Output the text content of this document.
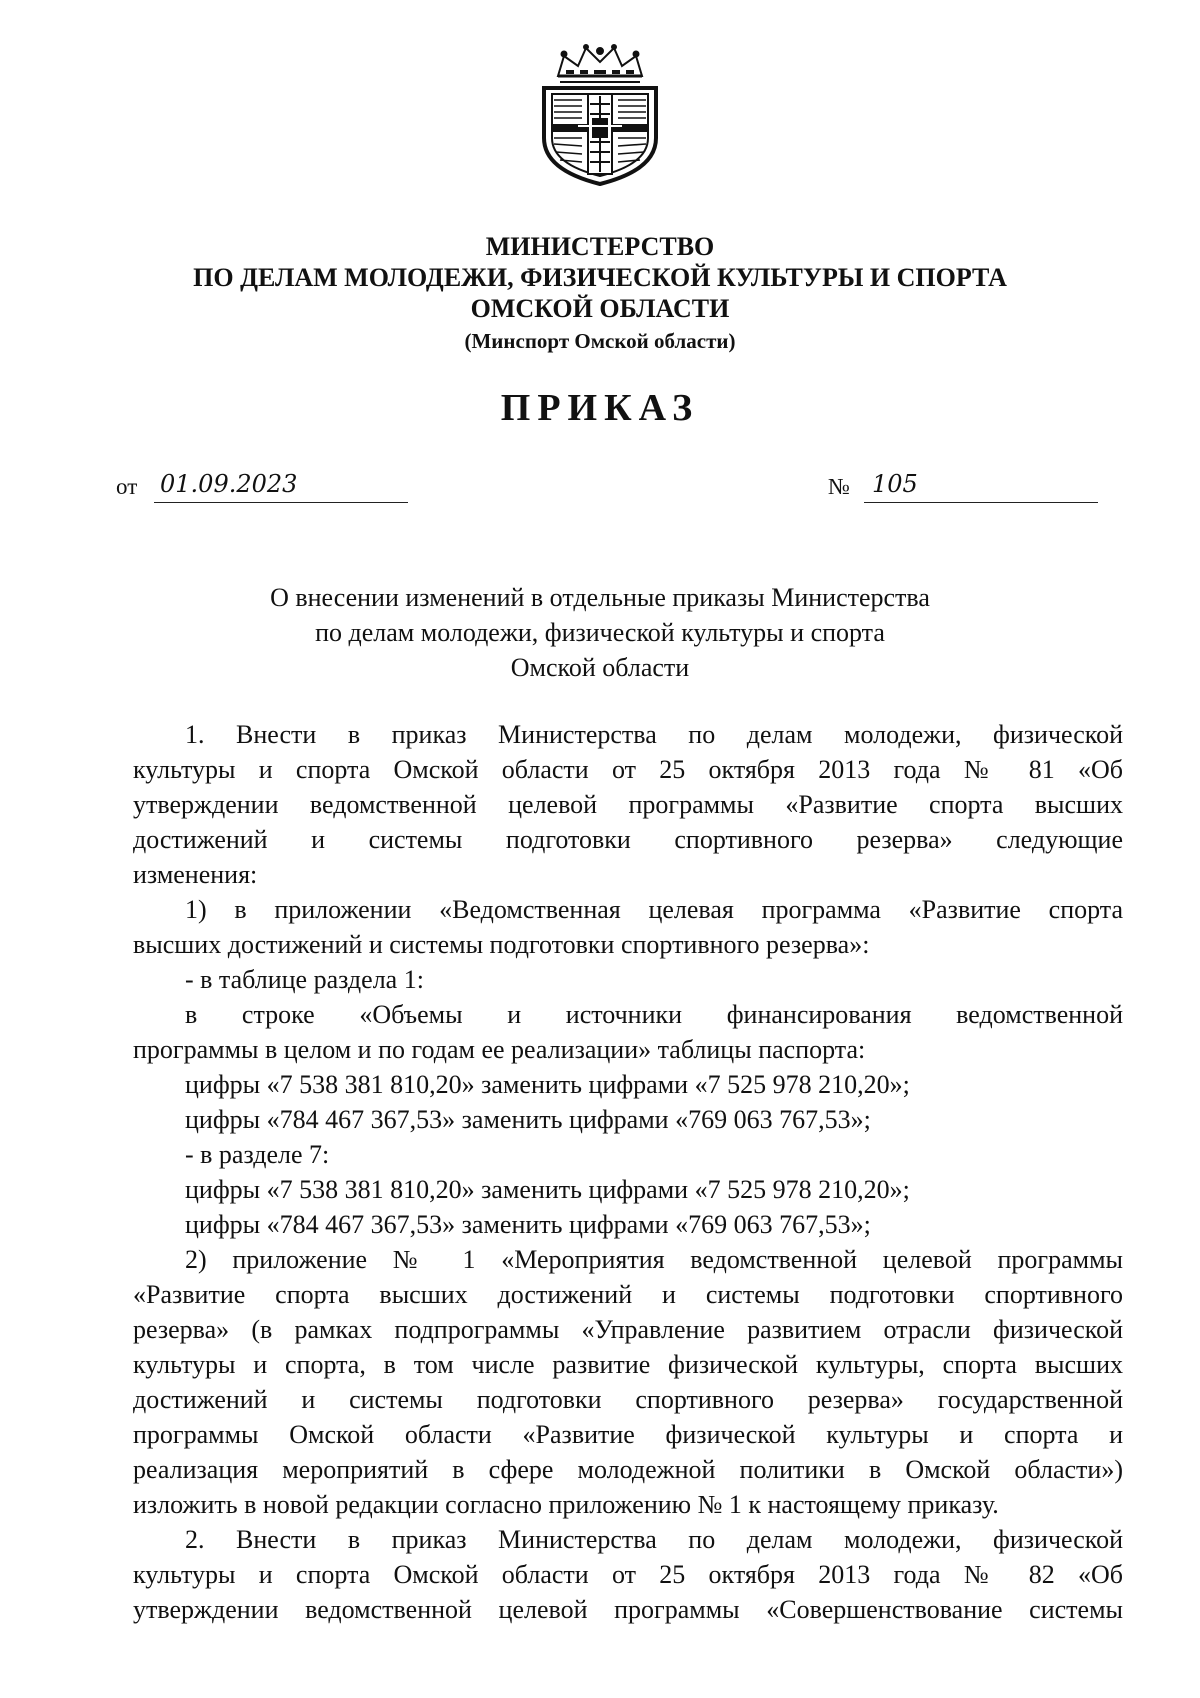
МИНИСТЕРСТВО
ПО ДЕЛАМ МОЛОДЕЖИ, ФИЗИЧЕСКОЙ КУЛЬТУРЫ И СПОРТА
ОМСКОЙ ОБЛАСТИ
(Минспорт Омской области)
ПРИКАЗ
от 01.09.2023	№ 105
О внесении изменений в отдельные приказы Министерства
по делам молодежи, физической культуры и спорта
Омской области
1. Внести в приказ Министерства по делам молодежи, физической
культуры и спорта Омской области от 25 октября 2013 года № 81 «Об
утверждении ведомственной целевой программы «Развитие спорта высших
достижений и системы подготовки спортивного резерва» следующие
изменения:
1) в приложении «Ведомственная целевая программа «Развитие спорта
высших достижений и системы подготовки спортивного резерва»:
- в таблице раздела 1:
в строке «Объемы и источники финансирования ведомственной
программы в целом и по годам ее реализации» таблицы паспорта:
цифры «7 538 381 810,20» заменить цифрами «7 525 978 210,20»;
цифры «784 467 367,53» заменить цифрами «769 063 767,53»;
- в разделе 7:
цифры «7 538 381 810,20» заменить цифрами «7 525 978 210,20»;
цифры «784 467 367,53» заменить цифрами «769 063 767,53»;
2) приложение № 1 «Мероприятия ведомственной целевой программы
«Развитие спорта высших достижений и системы подготовки спортивного
резерва» (в рамках подпрограммы «Управление развитием отрасли физической
культуры и спорта, в том числе развитие физической культуры, спорта высших
достижений и системы подготовки спортивного резерва» государственной
программы Омской области «Развитие физической культуры и спорта и
реализация мероприятий в сфере молодежной политики в Омской области»)
изложить в новой редакции согласно приложению № 1 к настоящему приказу.
2. Внести в приказ Министерства по делам молодежи, физической
культуры и спорта Омской области от 25 октября 2013 года № 82 «Об
утверждении ведомственной целевой программы «Совершенствование системы
